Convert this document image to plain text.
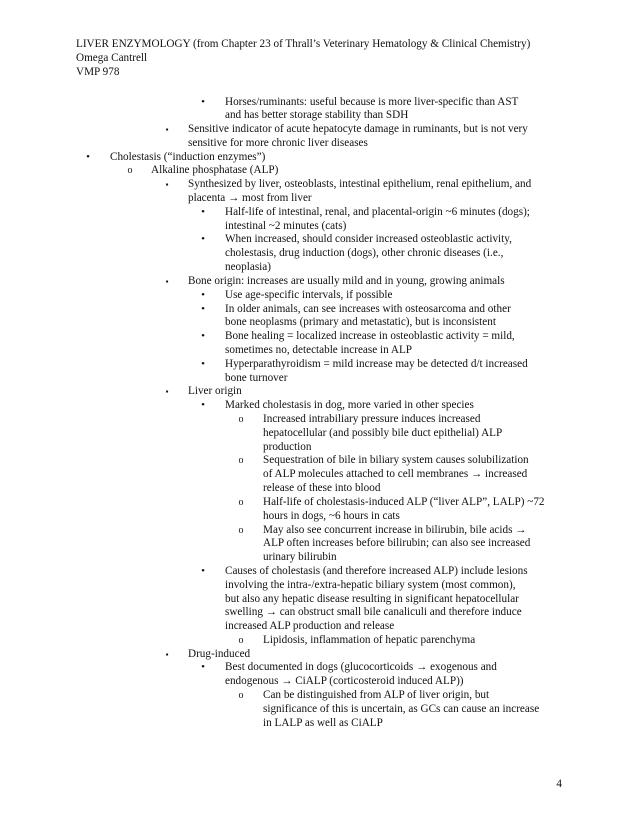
LIVER ENZYMOLOGY (from Chapter 23 of Thrall’s Veterinary Hematology & Clinical Chemistry)
Omega Cantrell
VMP 978
•	Horses/ruminants: useful because is more liver-specific than AST
and has better storage stability than SDH
▪	Sensitive indicator of acute hepatocyte damage in ruminants, but is not very
sensitive for more chronic liver diseases
•	Cholestasis (“induction enzymes”)
o	Alkaline phosphatase (ALP)
▪	Synthesized by liver, osteoblasts, intestinal epithelium, renal epithelium, and
placenta → most from liver
•	Half-life of intestinal, renal, and placental-origin ~6 minutes (dogs);
intestinal ~2 minutes (cats)
•	When increased, should consider increased osteoblastic activity,
cholestasis, drug induction (dogs), other chronic diseases (i.e.,
neoplasia)
▪	Bone origin: increases are usually mild and in young, growing animals
•	Use age-specific intervals, if possible
•	In older animals, can see increases with osteosarcoma and other
bone neoplasms (primary and metastatic), but is inconsistent
•	Bone healing = localized increase in osteoblastic activity = mild,
sometimes no, detectable increase in ALP
•	Hyperparathyroidism = mild increase may be detected d/t increased
bone turnover
▪	Liver origin
•	Marked cholestasis in dog, more varied in other species
o	Increased intrabiliary pressure induces increased
hepatocellular (and possibly bile duct epithelial) ALP
production
o	Sequestration of bile in biliary system causes solubilization
of ALP molecules attached to cell membranes → increased
release of these into blood
o	Half-life of cholestasis-induced ALP (“liver ALP”, LALP) ~72
hours in dogs, ~6 hours in cats
o	May also see concurrent increase in bilirubin, bile acids →
ALP often increases before bilirubin; can also see increased
urinary bilirubin
•	Causes of cholestasis (and therefore increased ALP) include lesions
involving the intra-/extra-hepatic biliary system (most common),
but also any hepatic disease resulting in significant hepatocellular
swelling → can obstruct small bile canaliculi and therefore induce
increased ALP production and release
o	Lipidosis, inflammation of hepatic parenchyma
▪	Drug-induced
•	Best documented in dogs (glucocorticoids → exogenous and
endogenous → CiALP (corticosteroid induced ALP))
o	Can be distinguished from ALP of liver origin, but
significance of this is uncertain, as GCs can cause an increase
in LALP as well as CiALP
4
